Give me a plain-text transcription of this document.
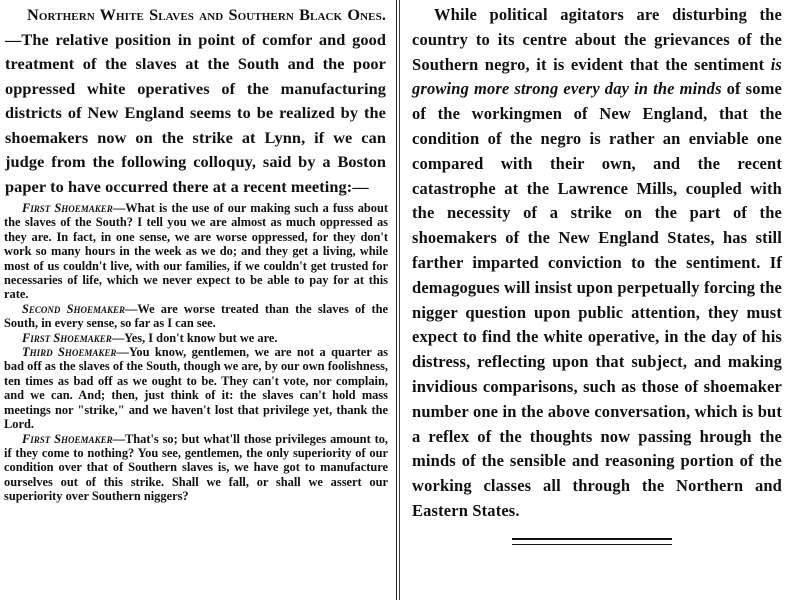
Northern White Slaves and Southern Black Ones.—The relative position in point of comfor and good treatment of the slaves at the South and the poor oppressed white operatives of the manufacturing districts of New England seems to be realized by the shoemakers now on the strike at Lynn, if we can judge from the following colloquy, said by a Boston paper to have occurred there at a recent meeting:—

First Shoemaker—What is the use of our making such a fuss about the slaves of the South? I tell you we are almost as much oppressed as they are. In fact, in one sense, we are worse oppressed, for they don't work so many hours in the week as we do; and they get a living, while most of us couldn't live, with our families, if we couldn't get trusted for necessaries of life, which we never expect to be able to pay for at this rate.

Second Shoemaker—We are worse treated than the slaves of the South, in every sense, so far as I can see.

First Shoemaker—Yes, I don't know but we are.

Third Shoemaker—You know, gentlemen, we are not a quarter as bad off as the slaves of the South, though we are, by our own foolishness, ten times as bad off as we ought to be. They can't vote, nor complain, and we can. And; then, just think of it: the slaves can't hold mass meetings nor "strike," and we haven't lost that privilege yet, thank the Lord.

First Shoemaker—That's so; but what'll those privileges amount to, if they come to nothing? You see, gentlemen, the only superiority of our condition over that of Southern slaves is, we have got to manufacture ourselves out of this strike. Shall we fall, or shall we assert our superiority over Southern niggers?

While political agitators are disturbing the country to its centre about the grievances of the Southern negro, it is evident that the sentiment is growing more strong every day in the minds of some of the workingmen of New England, that the condition of the negro is rather an enviable one compared with their own, and the recent catastrophe at the Lawrence Mills, coupled with the necessity of a strike on the part of the shoemakers of the New England States, has still farther imparted conviction to the sentiment. If demagogues will insist upon perpetually forcing the nigger question upon public attention, they must expect to find the white operative, in the day of his distress, reflecting upon that subject, and making invidious comparisons, such as those of shoemaker number one in the above conversation, which is but a reflex of the thoughts now passing hrough the minds of the sensible and reasoning portion of the working classes all through the Northern and Eastern States.
